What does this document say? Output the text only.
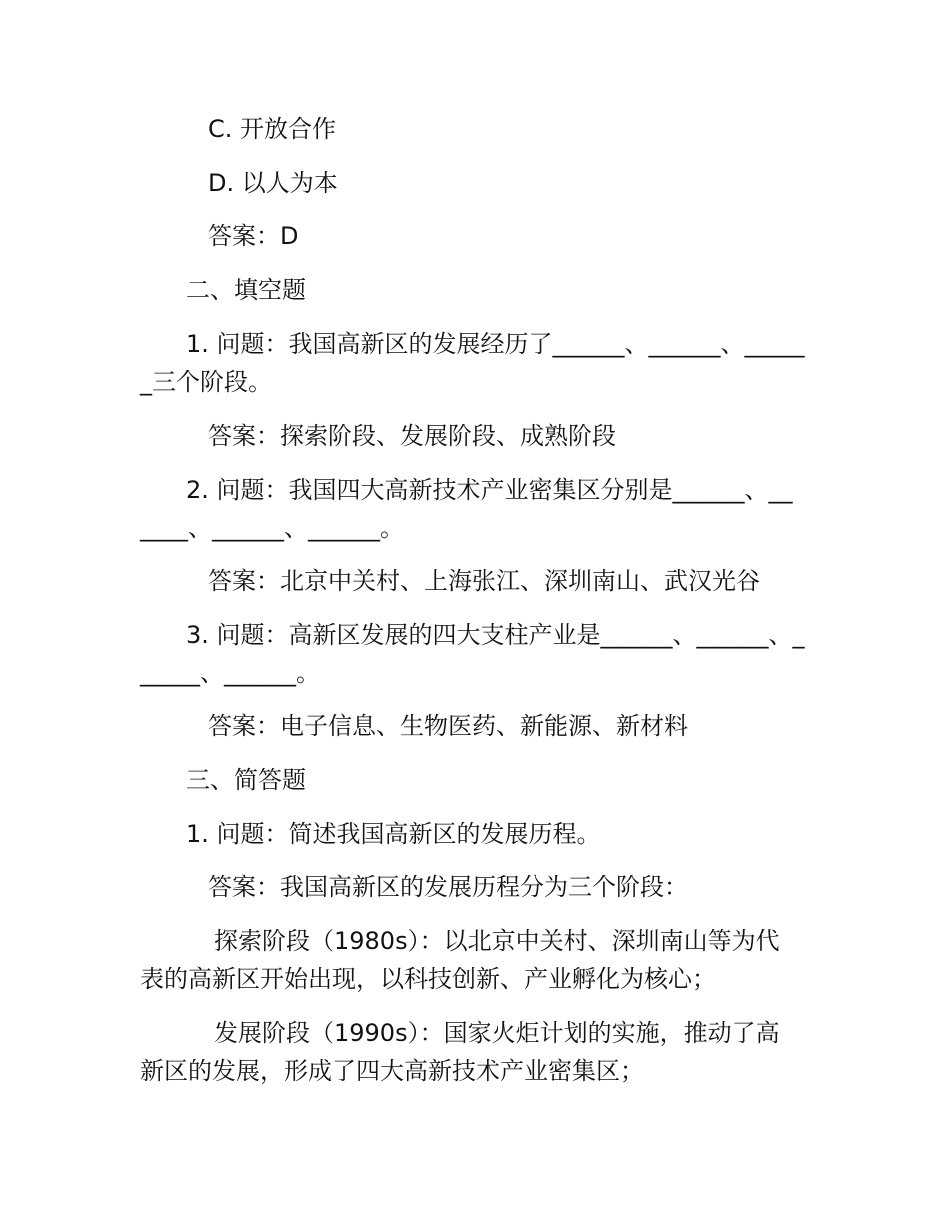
C. 开放合作
D. 以人为本
答案：D
二、填空题
1. 问题：我国高新区的发展经历了______、______、_____
_三个阶段。
答案：探索阶段、发展阶段、成熟阶段
2. 问题：我国四大高新技术产业密集区分别是______、__
____、______、______。
答案：北京中关村、上海张江、深圳南山、武汉光谷
3. 问题：高新区发展的四大支柱产业是______、______、_
_____、______。
答案：电子信息、生物医药、新能源、新材料
三、简答题
1. 问题：简述我国高新区的发展历程。
答案：我国高新区的发展历程分为三个阶段：
探索阶段（1980s）：以北京中关村、深圳南山等为代
表的高新区开始出现，以科技创新、产业孵化为核心；
发展阶段（1990s）：国家火炬计划的实施，推动了高
新区的发展，形成了四大高新技术产业密集区；
